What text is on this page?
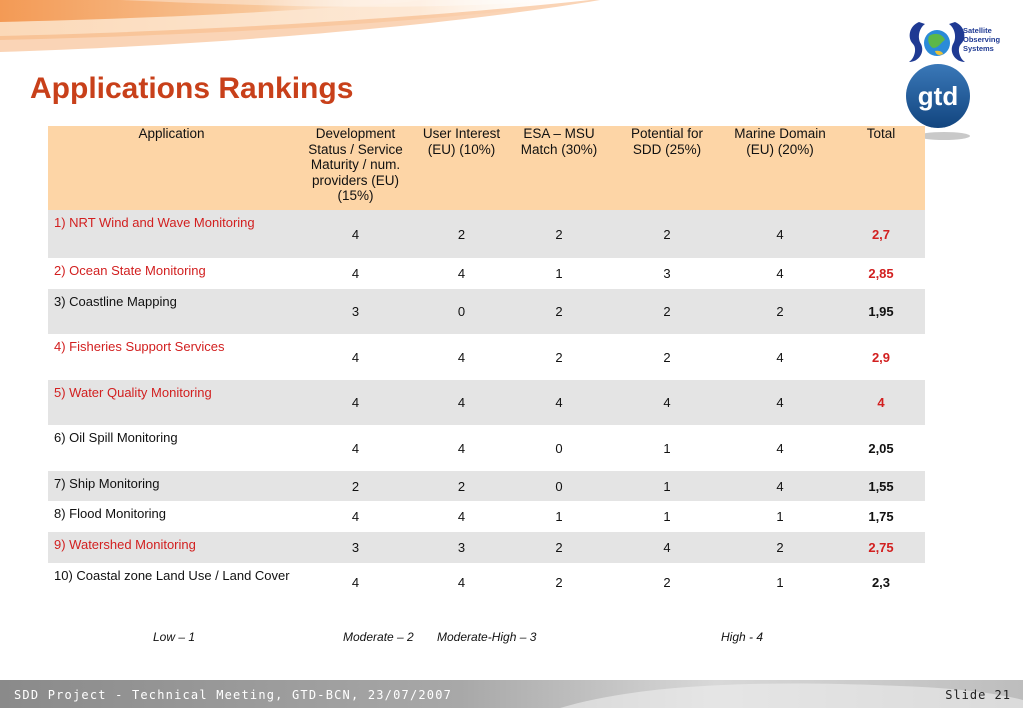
Applications Rankings
Satellite
Observing
Systems
gtd
Application	Development Status / Service Maturity / num. providers (EU) (15%)	User Interest (EU) (10%)	ESA – MSU Match (30%)	Potential for SDD (25%)	Marine Domain (EU) (20%)	Total
1) NRT Wind and Wave Monitoring	4	2	2	2	4	2,7
2) Ocean State Monitoring	4	4	1	3	4	2,85
3) Coastline Mapping	3	0	2	2	2	1,95
4) Fisheries Support Services	4	4	2	2	4	2,9
5) Water Quality Monitoring	4	4	4	4	4	4
6) Oil Spill Monitoring	4	4	0	1	4	2,05
7) Ship Monitoring	2	2	0	1	4	1,55
8) Flood Monitoring	4	4	1	1	1	1,75
9) Watershed Monitoring	3	3	2	4	2	2,75
10) Coastal zone Land Use / Land Cover	4	4	2	2	1	2,3
Low – 1	Moderate – 2 Moderate-High – 3	High - 4
SDD Project - Technical Meeting, GTD-BCN, 23/07/2007	Slide 21
